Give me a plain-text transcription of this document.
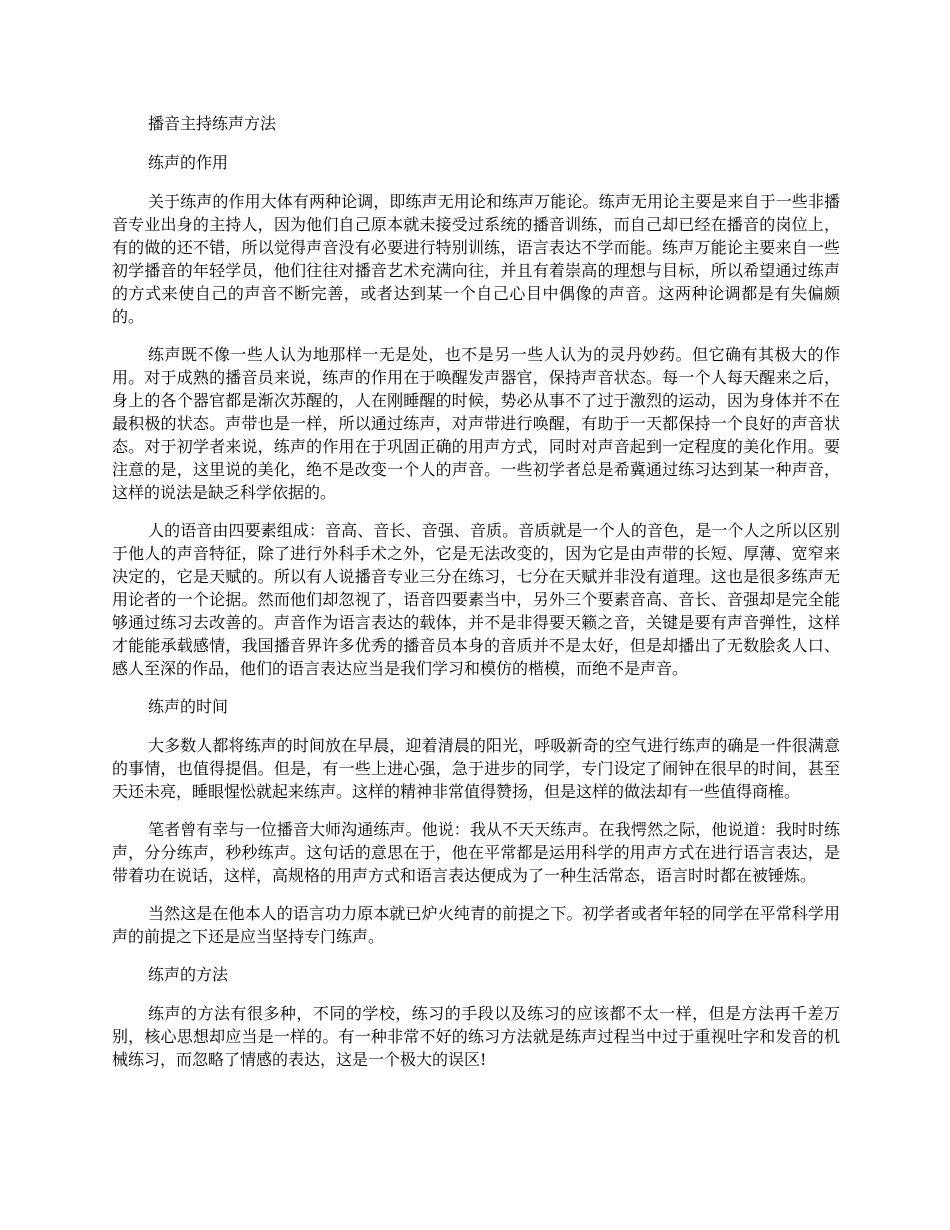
播音主持练声方法
练声的作用

关于练声的作用大体有两种论调，即练声无用论和练声万能论。练声无用论主要是来自于一些非播音专业出身的主持人，因为他们自己原本就未接受过系统的播音训练，而自己却已经在播音的岗位上，有的做的还不错，所以觉得声音没有必要进行特别训练，语言表达不学而能。练声万能论主要来自一些初学播音的年轻学员，他们往往对播音艺术充满向往，并且有着崇高的理想与目标，所以希望通过练声的方式来使自己的声音不断完善，或者达到某一个自己心目中偶像的声音。这两种论调都是有失偏颇的。

练声既不像一些人认为地那样一无是处，也不是另一些人认为的灵丹妙药。但它确有其极大的作用。对于成熟的播音员来说，练声的作用在于唤醒发声器官，保持声音状态。每一个人每天醒来之后，身上的各个器官都是渐次苏醒的，人在刚睡醒的时候，势必从事不了过于激烈的运动，因为身体并不在最积极的状态。声带也是一样，所以通过练声，对声带进行唤醒，有助于一天都保持一个良好的声音状态。对于初学者来说，练声的作用在于巩固正确的用声方式，同时对声音起到一定程度的美化作用。要注意的是，这里说的美化，绝不是改变一个人的声音。一些初学者总是希冀通过练习达到某一种声音，这样的说法是缺乏科学依据的。

人的语音由四要素组成：音高、音长、音强、音质。音质就是一个人的音色，是一个人之所以区别于他人的声音特征，除了进行外科手术之外，它是无法改变的，因为它是由声带的长短、厚薄、宽窄来决定的，它是天赋的。所以有人说播音专业三分在练习，七分在天赋并非没有道理。这也是很多练声无用论者的一个论据。然而他们却忽视了，语音四要素当中，另外三个要素音高、音长、音强却是完全能够通过练习去改善的。声音作为语言表达的载体，并不是非得要天籁之音，关键是要有声音弹性，这样才能能承载感情，我国播音界许多优秀的播音员本身的音质并不是太好，但是却播出了无数脍炙人口、感人至深的作品，他们的语言表达应当是我们学习和模仿的楷模，而绝不是声音。

练声的时间

大多数人都将练声的时间放在早晨，迎着清晨的阳光，呼吸新奇的空气进行练声的确是一件很满意的事情，也值得提倡。但是，有一些上进心强，急于进步的同学，专门设定了闹钟在很早的时间，甚至天还未亮，睡眼惺忪就起来练声。这样的精神非常值得赞扬，但是这样的做法却有一些值得商榷。

笔者曾有幸与一位播音大师沟通练声。他说：我从不天天练声。在我愕然之际，他说道：我时时练声，分分练声，秒秒练声。这句话的意思在于，他在平常都是运用科学的用声方式在进行语言表达，是带着功在说话，这样，高规格的用声方式和语言表达便成为了一种生活常态，语言时时都在被锤炼。

当然这是在他本人的语言功力原本就已炉火纯青的前提之下。初学者或者年轻的同学在平常科学用声的前提之下还是应当坚持专门练声。

练声的方法

练声的方法有很多种，不同的学校，练习的手段以及练习的应该都不太一样，但是方法再千差万别，核心思想却应当是一样的。有一种非常不好的练习方法就是练声过程当中过于重视吐字和发音的机械练习，而忽略了情感的表达，这是一个极大的误区!
